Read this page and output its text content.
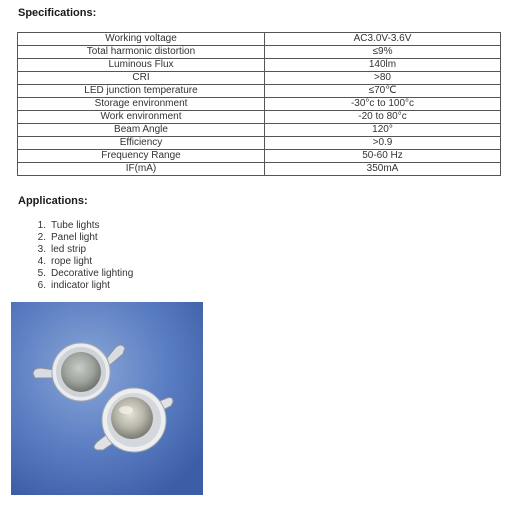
Specifications:
Working voltage	AC3.0V-3.6V
Total harmonic distortion	≤9%
Luminous Flux	140lm
CRI	>80
LED junction temperature	≤70℃
Storage environment	-30°c to 100°c
Work environment	-20 to 80°c
Beam Angle	120°
Efficiency	>0.9
Frequency Range	50-60 Hz
IF(mA)	350mA
Applications:
1. Tube lights
2. Panel light
3. led strip
4. rope light
5. Decorative lighting
6. indicator light
